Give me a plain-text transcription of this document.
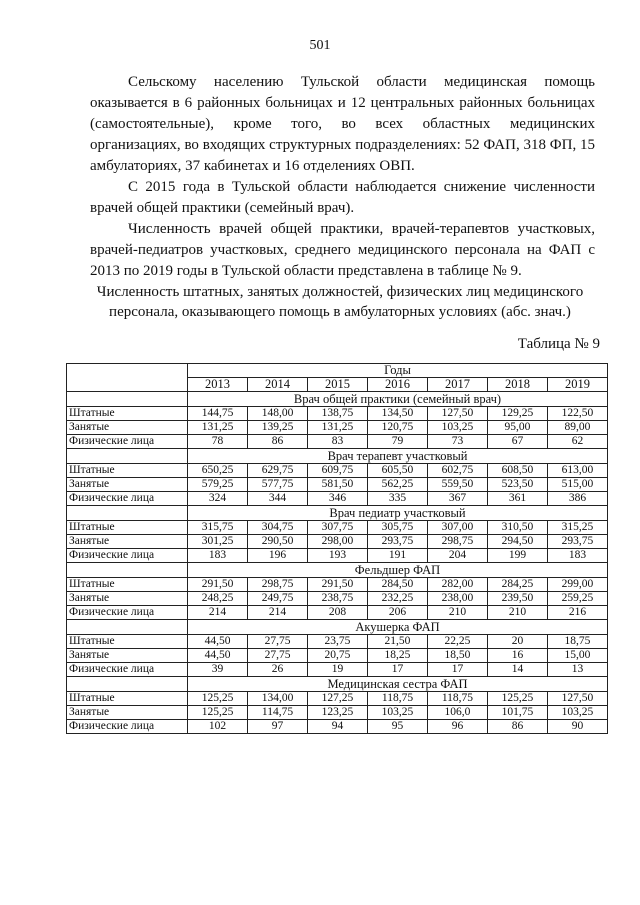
501

Сельскому населению Тульской области медицинская помощь оказывается в 6 районных больницах и 12 центральных районных больницах (самостоятельные), кроме того, во всех областных медицинских организациях, во входящих структурных подразделениях: 52 ФАП, 318 ФП, 15 амбулаториях, 37 кабинетах и 16 отделениях ОВП.

С 2015 года в Тульской области наблюдается снижение численности врачей общей практики (семейный врач).

Численность врачей общей практики, врачей-терапевтов участковых, врачей-педиатров участковых, среднего медицинского персонала на ФАП с 2013 по 2019 годы в Тульской области представлена в таблице № 9.

Численность штатных, занятых должностей, физических лиц медицинского персонала, оказывающего помощь в амбулаторных условиях (абс. знач.)

Таблица № 9
	Годы						
	2013	2014	2015	2016	2017	2018	2019
	Врач общей практики (семейный врач)						
Штатные	144,75	148,00	138,75	134,50	127,50	129,25	122,50
Занятые	131,25	139,25	131,25	120,75	103,25	95,00	89,00
Физические лица	78	86	83	79	73	67	62
	Врач терапевт участковый						
Штатные	650,25	629,75	609,75	605,50	602,75	608,50	613,00
Занятые	579,25	577,75	581,50	562,25	559,50	523,50	515,00
Физические лица	324	344	346	335	367	361	386
	Врач педиатр участковый						
Штатные	315,75	304,75	307,75	305,75	307,00	310,50	315,25
Занятые	301,25	290,50	298,00	293,75	298,75	294,50	293,75
Физические лица	183	196	193	191	204	199	183
	Фельдшер ФАП						
Штатные	291,50	298,75	291,50	284,50	282,00	284,25	299,00
Занятые	248,25	249,75	238,75	232,25	238,00	239,50	259,25
Физические лица	214	214	208	206	210	210	216
	Акушерка ФАП						
Штатные	44,50	27,75	23,75	21,50	22,25	20	18,75
Занятые	44,50	27,75	20,75	18,25	18,50	16	15,00
Физические лица	39	26	19	17	17	14	13
	Медицинская сестра ФАП						
Штатные	125,25	134,00	127,25	118,75	118,75	125,25	127,50
Занятые	125,25	114,75	123,25	103,25	106,0	101,75	103,25
Физические лица	102	97	94	95	96	86	90
